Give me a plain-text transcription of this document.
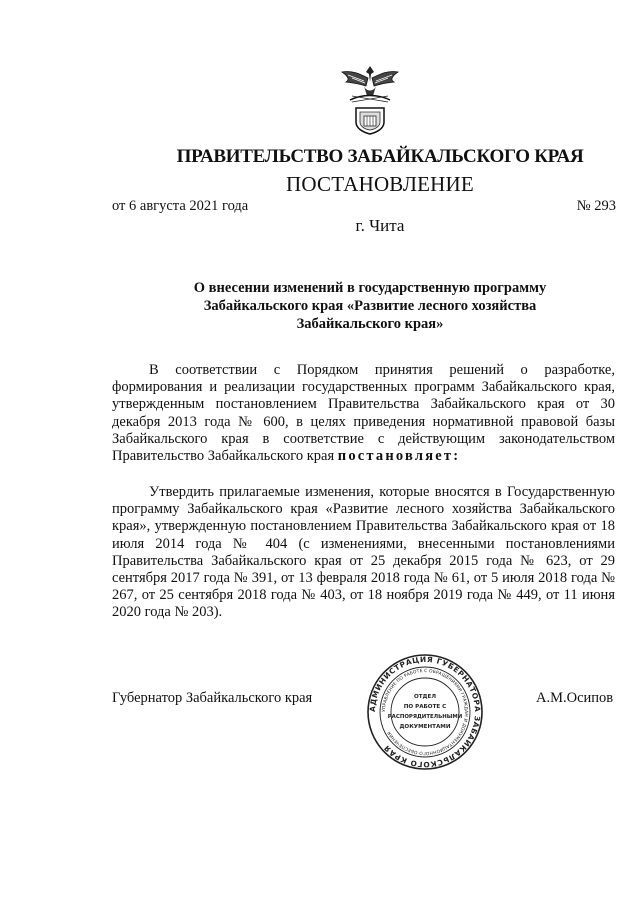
ПРАВИТЕЛЬСТВО ЗАБАЙКАЛЬСКОГО КРАЯ
ПОСТАНОВЛЕНИЕ
от 6 августа 2021 года	№ 293
г. Чита
О внесении изменений в государственную программу
Забайкальского края «Развитие лесного хозяйства
Забайкальского края»
В соответствии с Порядком принятия решений о разработке, формирования и реализации государственных программ Забайкальского края, утвержденным постановлением Правительства Забайкальского края от 30 декабря 2013 года № 600, в целях приведения нормативной правовой базы Забайкальского края в соответствие с действующим законодательством Правительство Забайкальского края постановляет:
Утвердить прилагаемые изменения, которые вносятся в Государственную программу Забайкальского края «Развитие лесного хозяйства Забайкальского края», утвержденную постановлением Правительства Забайкальского края от 18 июля 2014 года № 404 (с изменениями, внесенными постановлениями Правительства Забайкальского края от 25 декабря 2015 года № 623, от 29 сентября 2017 года № 391, от 13 февраля 2018 года № 61, от 5 июля 2018 года № 267, от 25 сентября 2018 года № 403, от 18 ноября 2019 года № 449, от 11 июня 2020 года № 203).
Губернатор Забайкальского края	А.М.Осипов
АДМИНИСТРАЦИЯ ГУБЕРНАТОРА ЗАБАЙКАЛЬСКОГО КРАЯ
УПРАВЛЕНИЕ ПО РАБОТЕ С ОБРАЩЕНИЯМИ ГРАЖДАН И ДОКУМЕНТАЦИОННОГО ОБЕСПЕЧЕНИЯ
ОТДЕЛ
ПО РАБОТЕ С
РАСПОРЯДИТЕЛЬНЫМИ
ДОКУМЕНТАМИ
